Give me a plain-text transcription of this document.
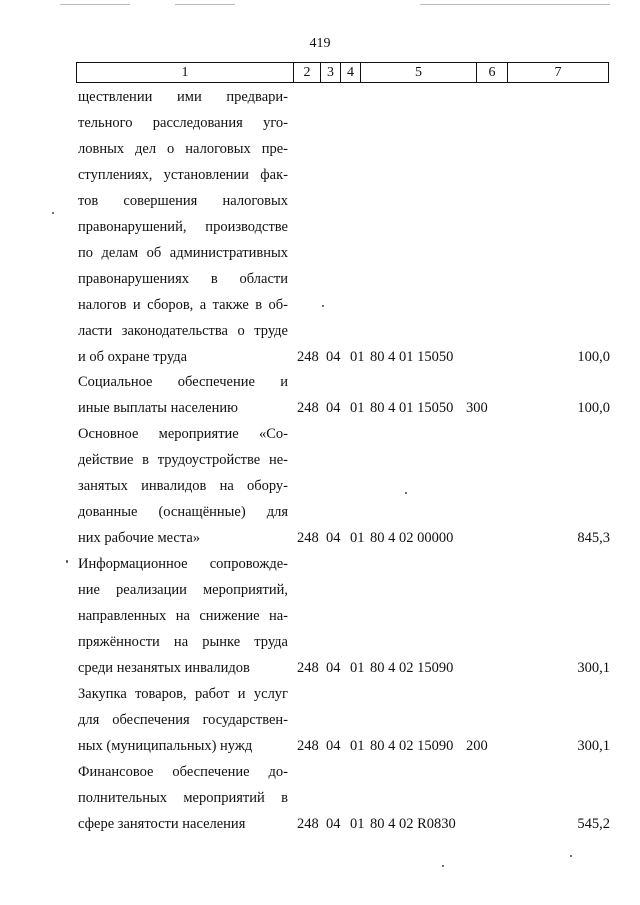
419
1	2	3 4	5	6	7
ществлении ими предвари-
тельного расследования уго-
ловных дел о налоговых пре-
ступлениях, установлении фак-
тов совершения налоговых
правонарушений, производстве
по делам об административных
правонарушениях в области
налогов и сборов, а также в об-
ласти законодательства о труде
и об охране труда	248 04 01 80 4 01 15050	100,0
Социальное обеспечение и
иные выплаты населению	248 04 01 80 4 01 15050 300	100,0
Основное мероприятие «Со-
действие в трудоустройстве не-
занятых инвалидов на обору-
дованные (оснащённые) для
них рабочие места»	248 04 01 80 4 02 00000	845,3
Информационное сопровожде-
ние реализации мероприятий,
направленных на снижение на-
пряжённости на рынке труда
среди незанятых инвалидов	248 04 01 80 4 02 15090	300,1
Закупка товаров, работ и услуг
для обеспечения государствен-
ных (муниципальных) нужд	248 04 01 80 4 02 15090 200	300,1
Финансовое обеспечение до-
полнительных мероприятий в
сфере занятости населения	248 04 01 80 4 02 R0830	545,2
